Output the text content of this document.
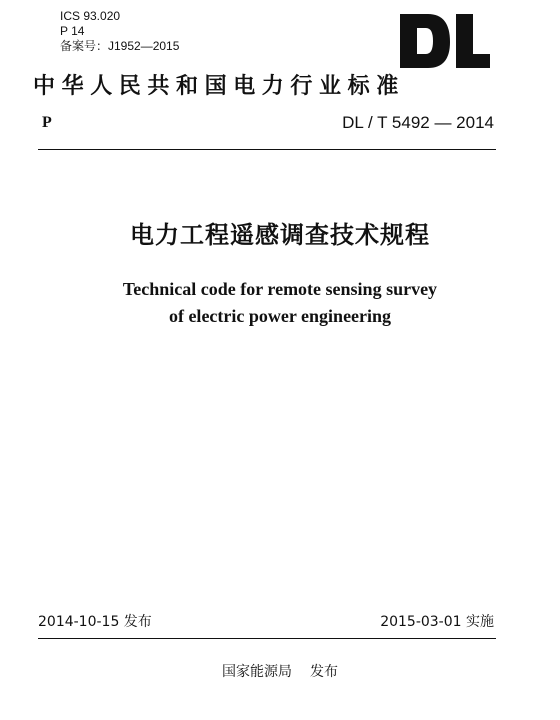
ICS 93.020
P 14
备案号：J1952—2015
中华人民共和国电力行业标准
P	DL / T 5492 — 2014
电力工程遥感调查技术规程
Technical code for remote sensing survey
of electric power engineering
2014-10-15 发布	2015-03-01 实施
国家能源局 发布
